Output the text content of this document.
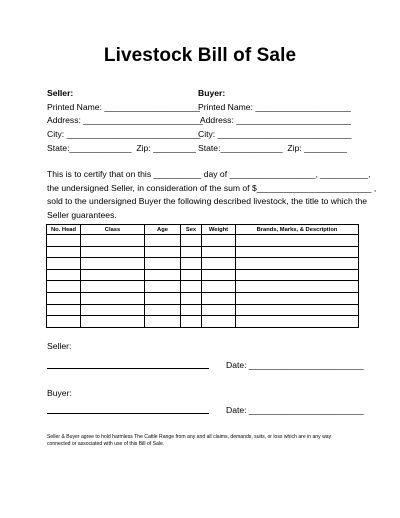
Livestock Bill of Sale
Seller:
Printed Name: ____________________
Address: _________________________
City: ____________________________
State:_____________  Zip: _________
Buyer:
Printed Name: ____________________
Address: ________________________
City: ____________________________
State:_____________  Zip: _________
This is to certify that on this __________ day of __________________, __________,
the undersigned Seller, in consideration of the sum of $________________________ ,
sold to the undersigned Buyer the following described livestock, the title to which the
Seller guarantees.
No. Head	Class	Age	Sex	Weight	Brands, Marks, & Description

Seller:
Date: ________________________
Buyer:
Date: ________________________
Seller & Buyer agree to hold harmless The Cattle Range from any and all claims, demands, suits, or loss which are in any way
connected or associated with use of this Bill of Sale.
